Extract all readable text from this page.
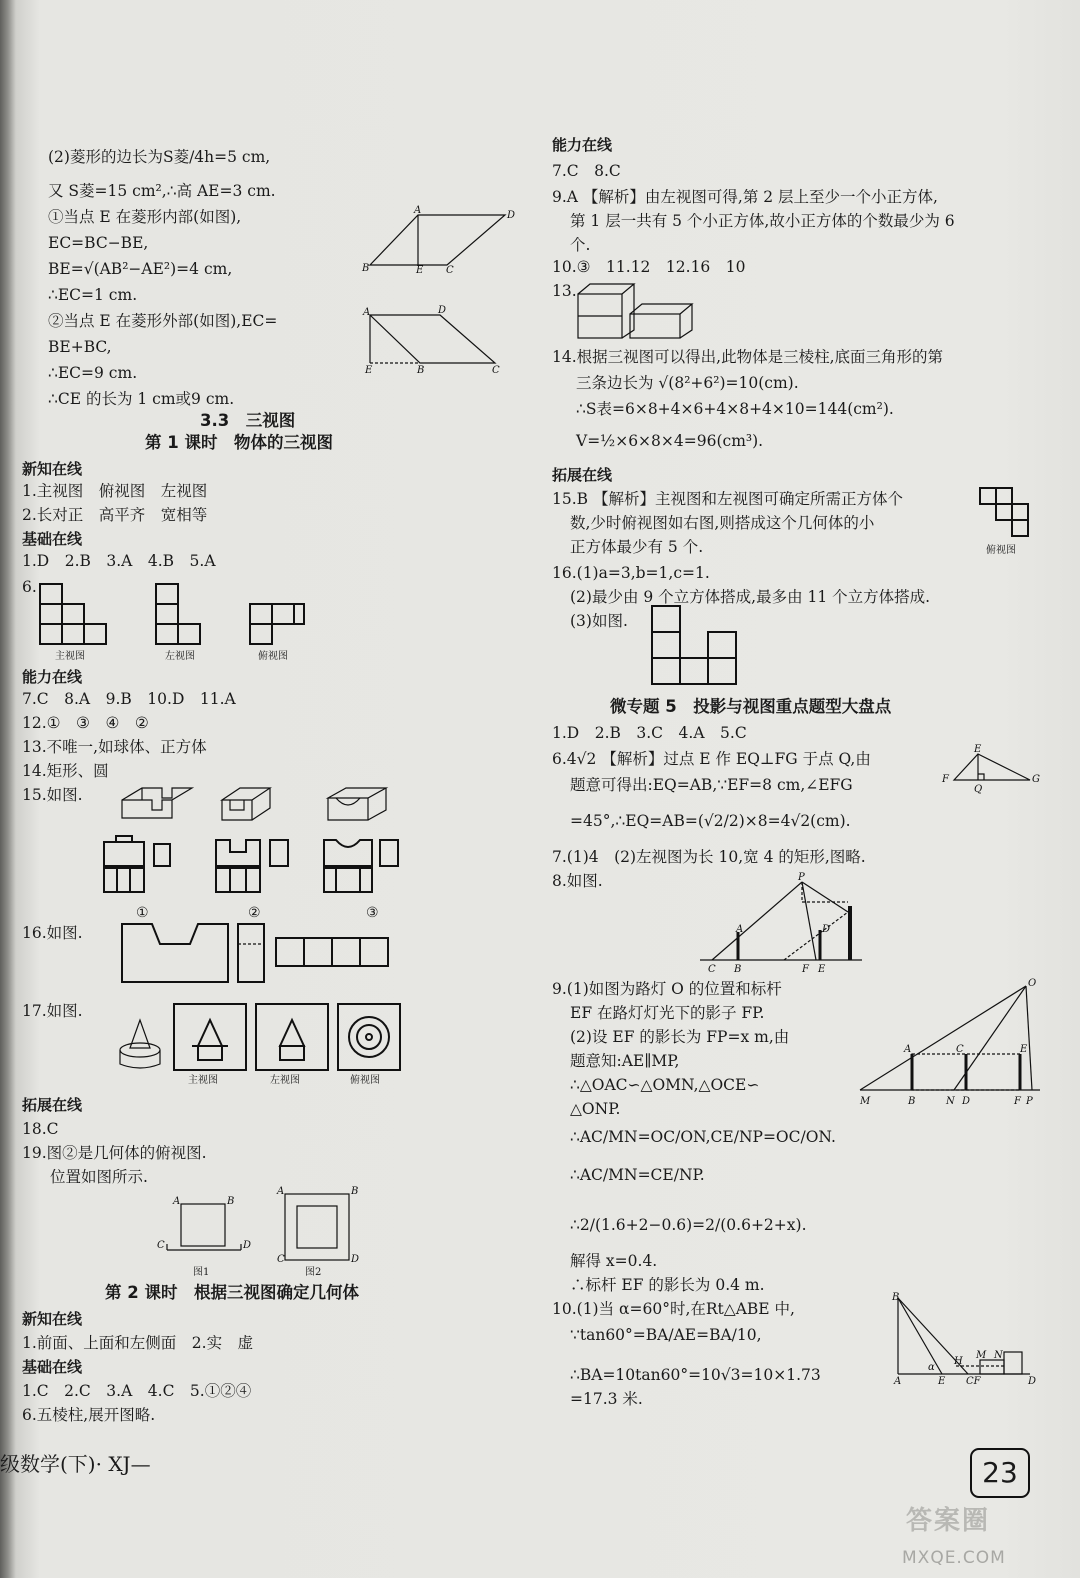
(2)菱形的边长为S菱/4h=5 cm,
又 S菱=15 cm²,∴高 AE=3 cm.
①当点 E 在菱形内部(如图),
EC=BC−BE,
BE=√(AB²−AE²)=4 cm,
∴EC=1 cm.
②当点 E 在菱形外部(如图),EC=
BE+BC,
∴EC=9 cm.
∴CE 的长为 1 cm或9 cm.
A	D
B	E C
A	D
E	B	C
3.3　三视图
第 1 课时　物体的三视图
新知在线
1.主视图　俯视图　左视图
2.长对正　高平齐　宽相等
基础在线
1.D　2.B　3.A　4.B　5.A
6.
主视图	左视图	俯视图
能力在线
7.C　8.A　9.B　10.D　11.A
12.①　③　④　②
13.不唯一,如球体、正方体
14.矩形、圆
15.如图.
①	②	③
16.如图.
17.如图.
主视图	左视图	俯视图
拓展在线
18.C
19.图②是几何体的俯视图.
位置如图所示.
A	B
C	D
A	B
C	D
图1	图2
第 2 课时　根据三视图确定几何体
新知在线
1.前面、上面和左侧面　2.实　虚
基础在线
1.C　2.C　3.A　4.C　5.①②④
6.五棱柱,展开图略.
级数学(下)· XJ—
能力在线
7.C　8.C
9.A 【解析】由左视图可得,第 2 层上至少一个小正方体,
第 1 层一共有 5 个小正方体,故小正方体的个数最少为 6
个.
10.③　11.12　12.16　10
13.
14.根据三视图可以得出,此物体是三棱柱,底面三角形的第
三条边长为 √(8²+6²)=10(cm).
∴S表=6×8+4×6+4×8+4×10=144(cm²).
V=½×6×8×4=96(cm³).
拓展在线
15.B 【解析】主视图和左视图可确定所需正方体个
数,少时俯视图如右图,则搭成这个几何体的小
正方体最少有 5 个.	俯视图
16.(1)a=3,b=1,c=1.
(2)最少由 9 个立方体搭成,最多由 11 个立方体搭成.
(3)如图.
微专题 5　投影与视图重点题型大盘点
1.D　2.B　3.C　4.A　5.C
6.4√2 【解析】过点 E 作 EQ⊥FG 于点 Q,由
题意可得出:EQ=AB,∵EF=8 cm,∠EFG
=45°,∴EQ=AB=(√2/2)×8=4√2(cm).
E
F	G
Q
7.(1)4　(2)左视图为长 10,宽 4 的矩形,图略.
8.如图.	P
A	D
C B	F E
9.(1)如图为路灯 O 的位置和标杆
EF 在路灯灯光下的影子 FP.
(2)设 EF 的影长为 FP=x m,由
题意知:AE∥MP,
∴△OAC∽△OMN,△OCE∽
△ONP.
∴AC/MN=OC/ON,CE/NP=OC/ON.
∴AC/MN=CE/NP.
∴2/(1.6+2−0.6)=2/(0.6+2+x).
解得 x=0.4.
∴标杆 EF 的影长为 0.4 m.
O
A	C	E
M	B	N D	F P
10.(1)当 α=60°时,在Rt△ABE 中,
∵tan60°=BA/AE=BA/10,
∴BA=10tan60°=10√3=10×1.73
=17.3 米.
B
A	E CF	D
α
H
M N
23
答案圈
MXQE.COM
